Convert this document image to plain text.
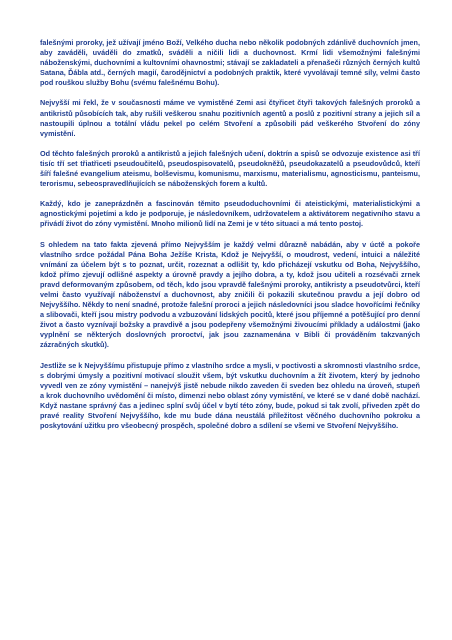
falešnými proroky, jež užívají jméno Boží, Velkého ducha nebo několik podobných zdánlivě duchovních jmen, aby zaváděli, uváděli do zmatků, sváděli a ničili lidi a duchovnost. Krmí lidi všemožnými falešnými náboženskými, duchovními a kultovními ohavnostmi; stávají se zakladateli a přenašeči různých černých kultů Satana, Ďábla atd., černých magií, čarodějnictví a podobných praktik, které vyvolávají temné síly, velmi často pod rouškou služby Bohu (svému falešnému Bohu).

Nejvyšší mi řekl, že v současnosti máme ve vymistěné Zemi asi čtyřicet čtyři takových falešných proroků a antikristů působících tak, aby rušili veškerou snahu pozitivních agentů a poslů z pozitivní strany a jejich síl a nastoupili úplnou a totální vládu pekel po celém Stvoření a způsobili pád veškerého Stvoření do zóny vymistění.

Od těchto falešných proroků a antikristů a jejich falešných učení, doktrín a spisů se odvozuje existence asi tří tisíc tří set třiatřiceti pseudoučitelů, pseudospisovatelů, pseudokněžů, pseudokazatelů a pseudovůdců, kteří šíří falešné evangelium ateismu, bolševismu, komunismu, marxismu, materialismu, agnosticismu, panteismu, terorismu, sebeospravedlňujících se náboženských forem a kultů.

Každý, kdo je zaneprázdněn a fascinován těmito pseudoduchovními či ateistickými, materialistickými a agnostickými pojetími a kdo je podporuje, je následovníkem, udržovatelem a aktivátorem negativního stavu a přivádí život do zóny vymistění. Mnoho milionů lidí na Zemi je v této situaci a má tento postoj.

S ohledem na tato fakta zjevená přímo Nejvyšším je každý velmi důrazně nabádán, aby v úctě a pokoře vlastního srdce požádal Pána Boha Ježíše Krista, Kdož je Nejvyšší, o moudrost, vedení, intuici a náležité vnímání za účelem být s to poznat, určit, rozeznat a odlišit ty, kdo přicházejí vskutku od Boha, Nejvyššího, kdož přímo zjevují odlišné aspekty a úrovně pravdy a jejího dobra, a ty, kdož jsou učiteli a rozsévači zrnek pravd deformovaným způsobem, od těch, kdo jsou vpravdě falešnými proroky, antikristy a pseudotvůrci, kteří velmi často využívají náboženství a duchovnost, aby zničili či pokazili skutečnou pravdu a její dobro od Nejvyššího. Někdy to není snadné, protože falešní proroci a jejich následovníci jsou sladce hovořícími řečníky a slibovači, kteří jsou mistry podvodu a vzbuzování lidských pocitů, které jsou příjemné a potěšující pro denní život a často vyznívají božsky a pravdivě a jsou podepřeny všemožnými živoucími příklady a událostmi (jako vyplnění se některých doslovných proroctví, jak jsou zaznamenána v Bibli či prováděním takzvaných zázračných skutků).

Jestliže se k Nejvyššímu přistupuje přímo z vlastního srdce a mysli, v poctivosti a skromnosti vlastního srdce, s dobrými úmysly a pozitivní motivací sloužit všem, být vskutku duchovním a žít životem, který by jednoho vyvedl ven ze zóny vymistění – nanejvýš jistě nebude nikdo zaveden či sveden bez ohledu na úroveň, stupeň a krok duchovního uvědomění či místo, dimenzi nebo oblast zóny vymistění, ve které se v dané době nachází. Když nastane správný čas a jedinec splní svůj účel v bytí této zóny, bude, pokud si tak zvolí, přiveden zpět do pravé reality Stvoření Nejvyššího, kde mu bude dána neustálá příležitost věčného duchovního pokroku a poskytování užitku pro všeobecný prospěch, společné dobro a sdílení se všemi ve Stvoření Nejvyššího.
